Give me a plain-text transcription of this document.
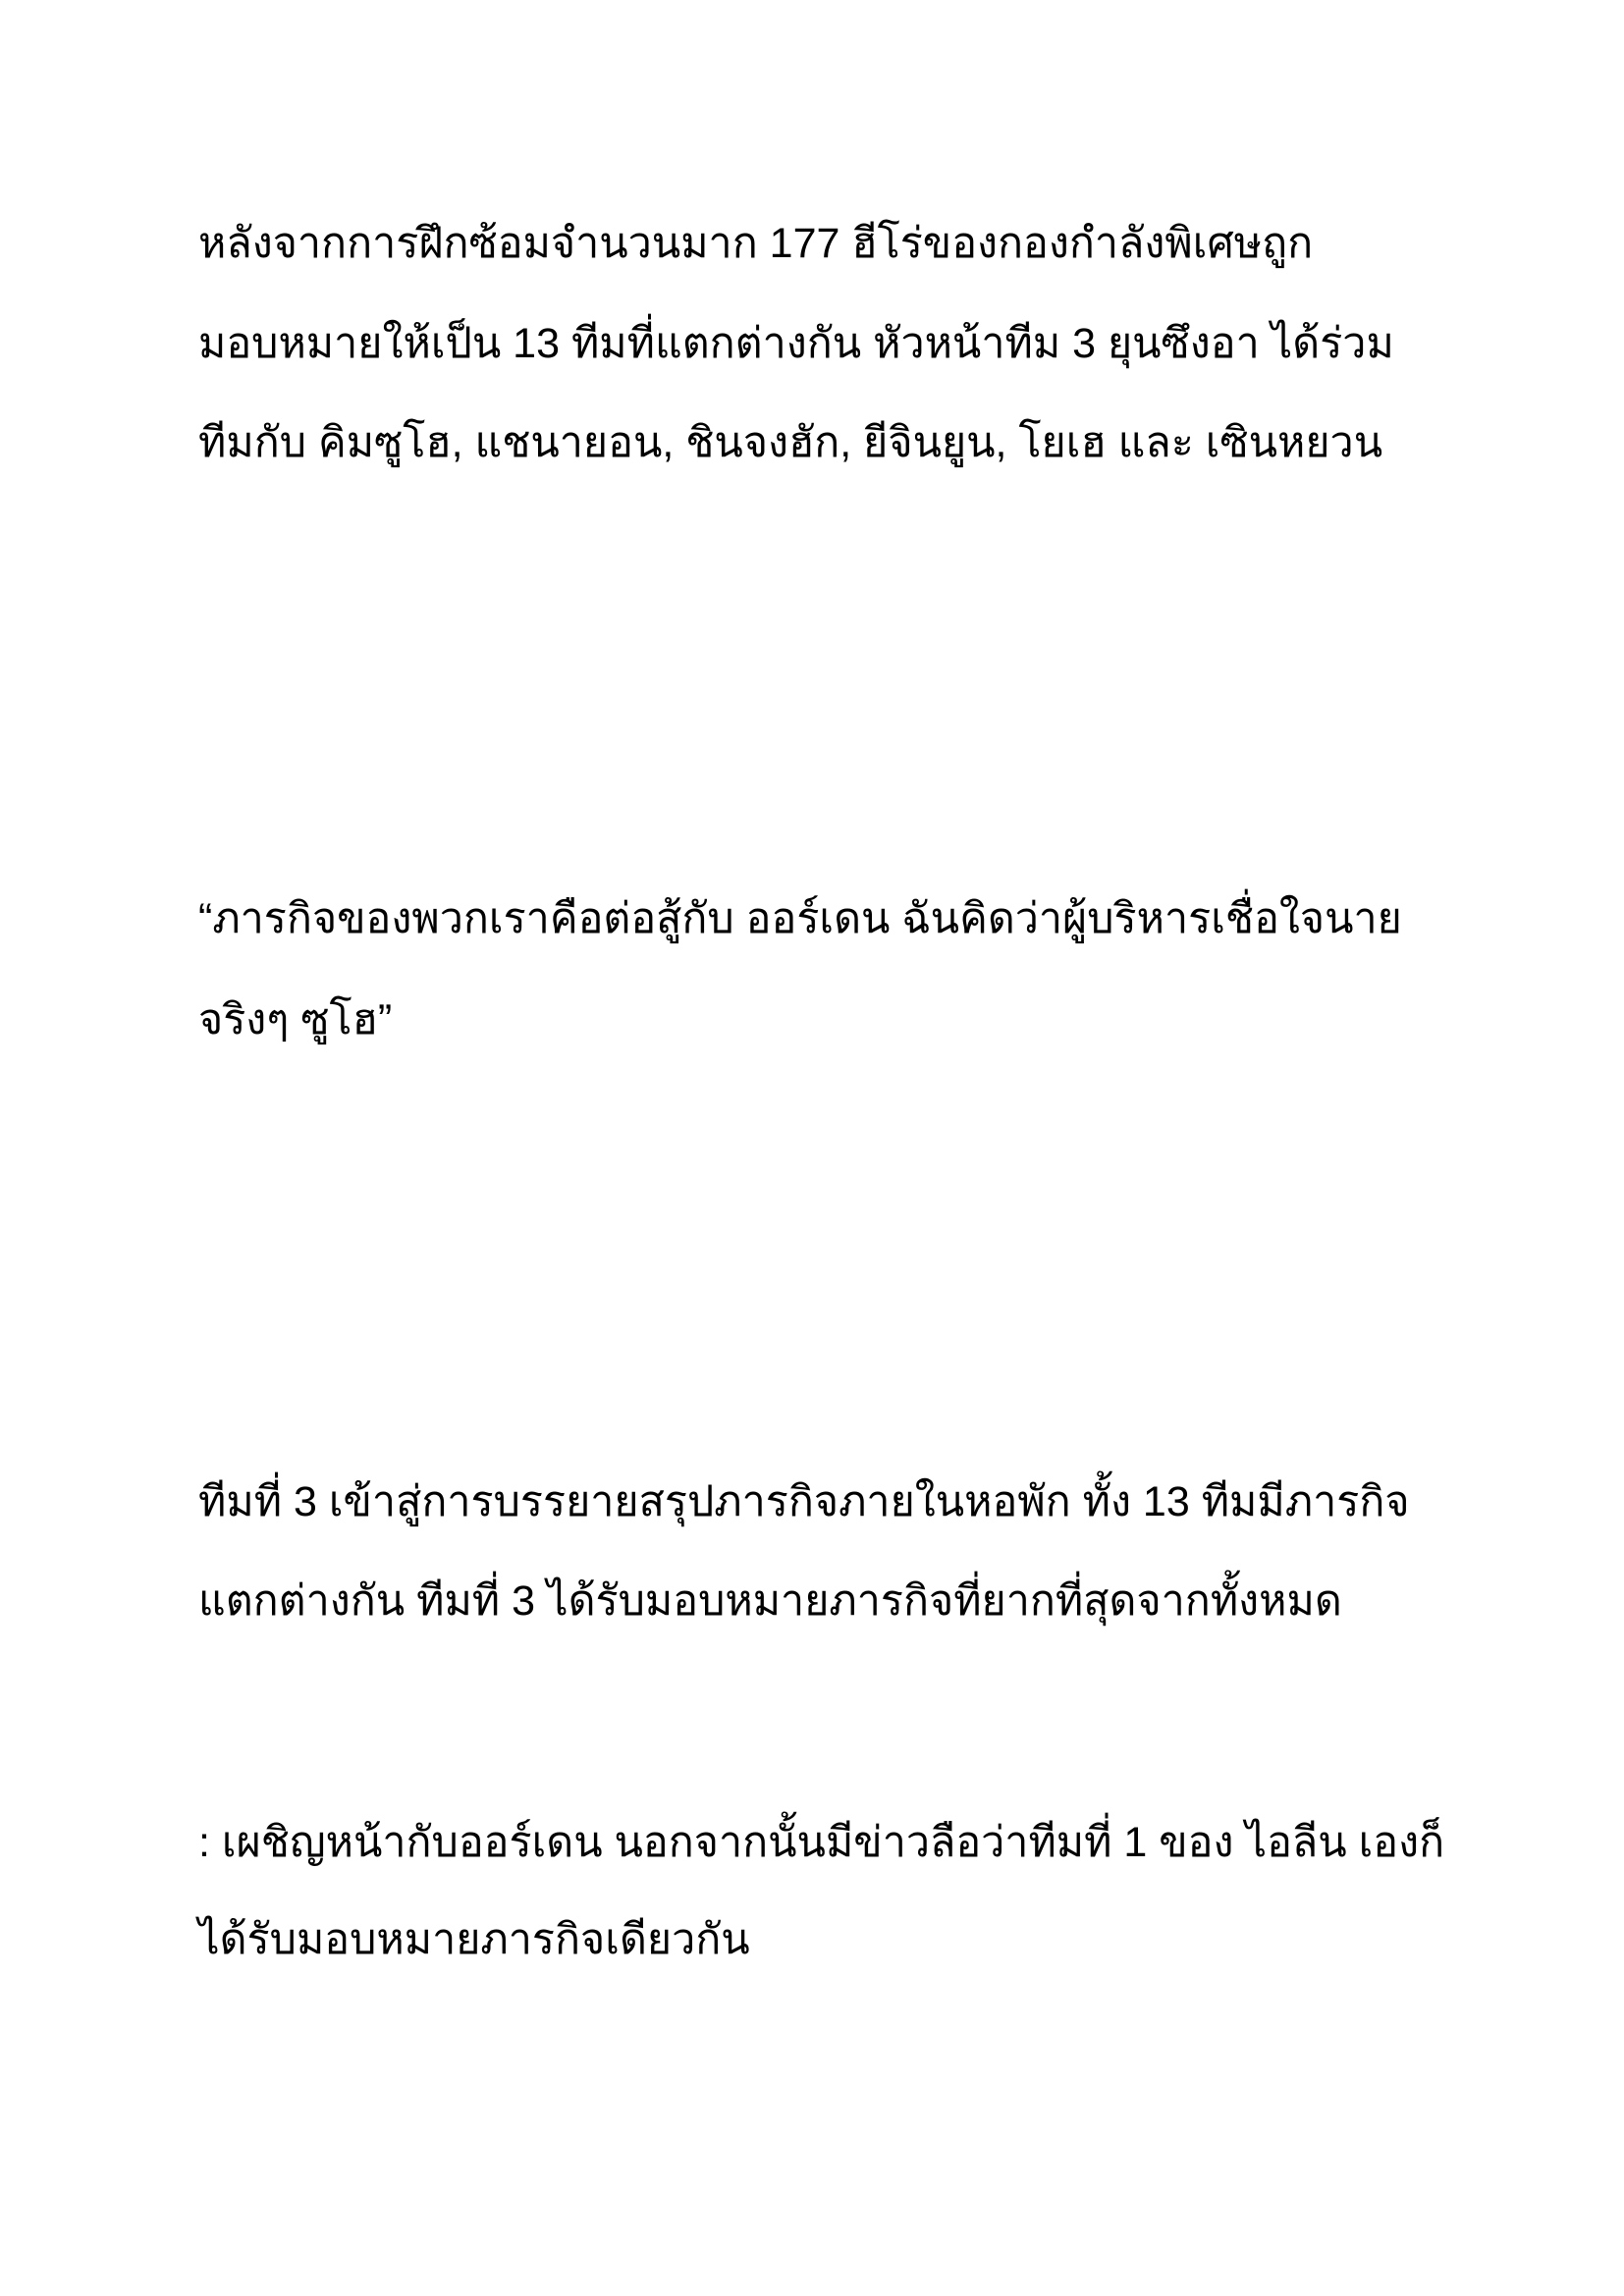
หลังจากการฝึกซ้อมจำนวนมาก 177 ฮีโร่ของกองกำลังพิเศษถูก
มอบหมายให้เป็น 13 ทีมที่แตกต่างกัน หัวหน้าทีม 3 ยุนซึงอา ได้ร่วม
ทีมกับ คิมซูโฮ, แชนายอน, ชินจงฮัก, ยีจินยูน, โยเฮ และ เซินหยวน
“ภารกิจของพวกเราคือต่อสู้กับ ออร์เดน ฉันคิดว่าผู้บริหารเชื่อใจนาย
จริงๆ ซูโฮ”
ทีมที่ 3 เข้าสู่การบรรยายสรุปภารกิจภายในหอพัก ทั้ง 13 ทีมมีภารกิจ
แตกต่างกัน ทีมที่ 3 ได้รับมอบหมายภารกิจที่ยากที่สุดจากทั้งหมด
: เผชิญหน้ากับออร์เดน นอกจากนั้นมีข่าวลือว่าทีมที่ 1 ของ ไอลีน เองก็
ได้รับมอบหมายภารกิจเดียวกัน
